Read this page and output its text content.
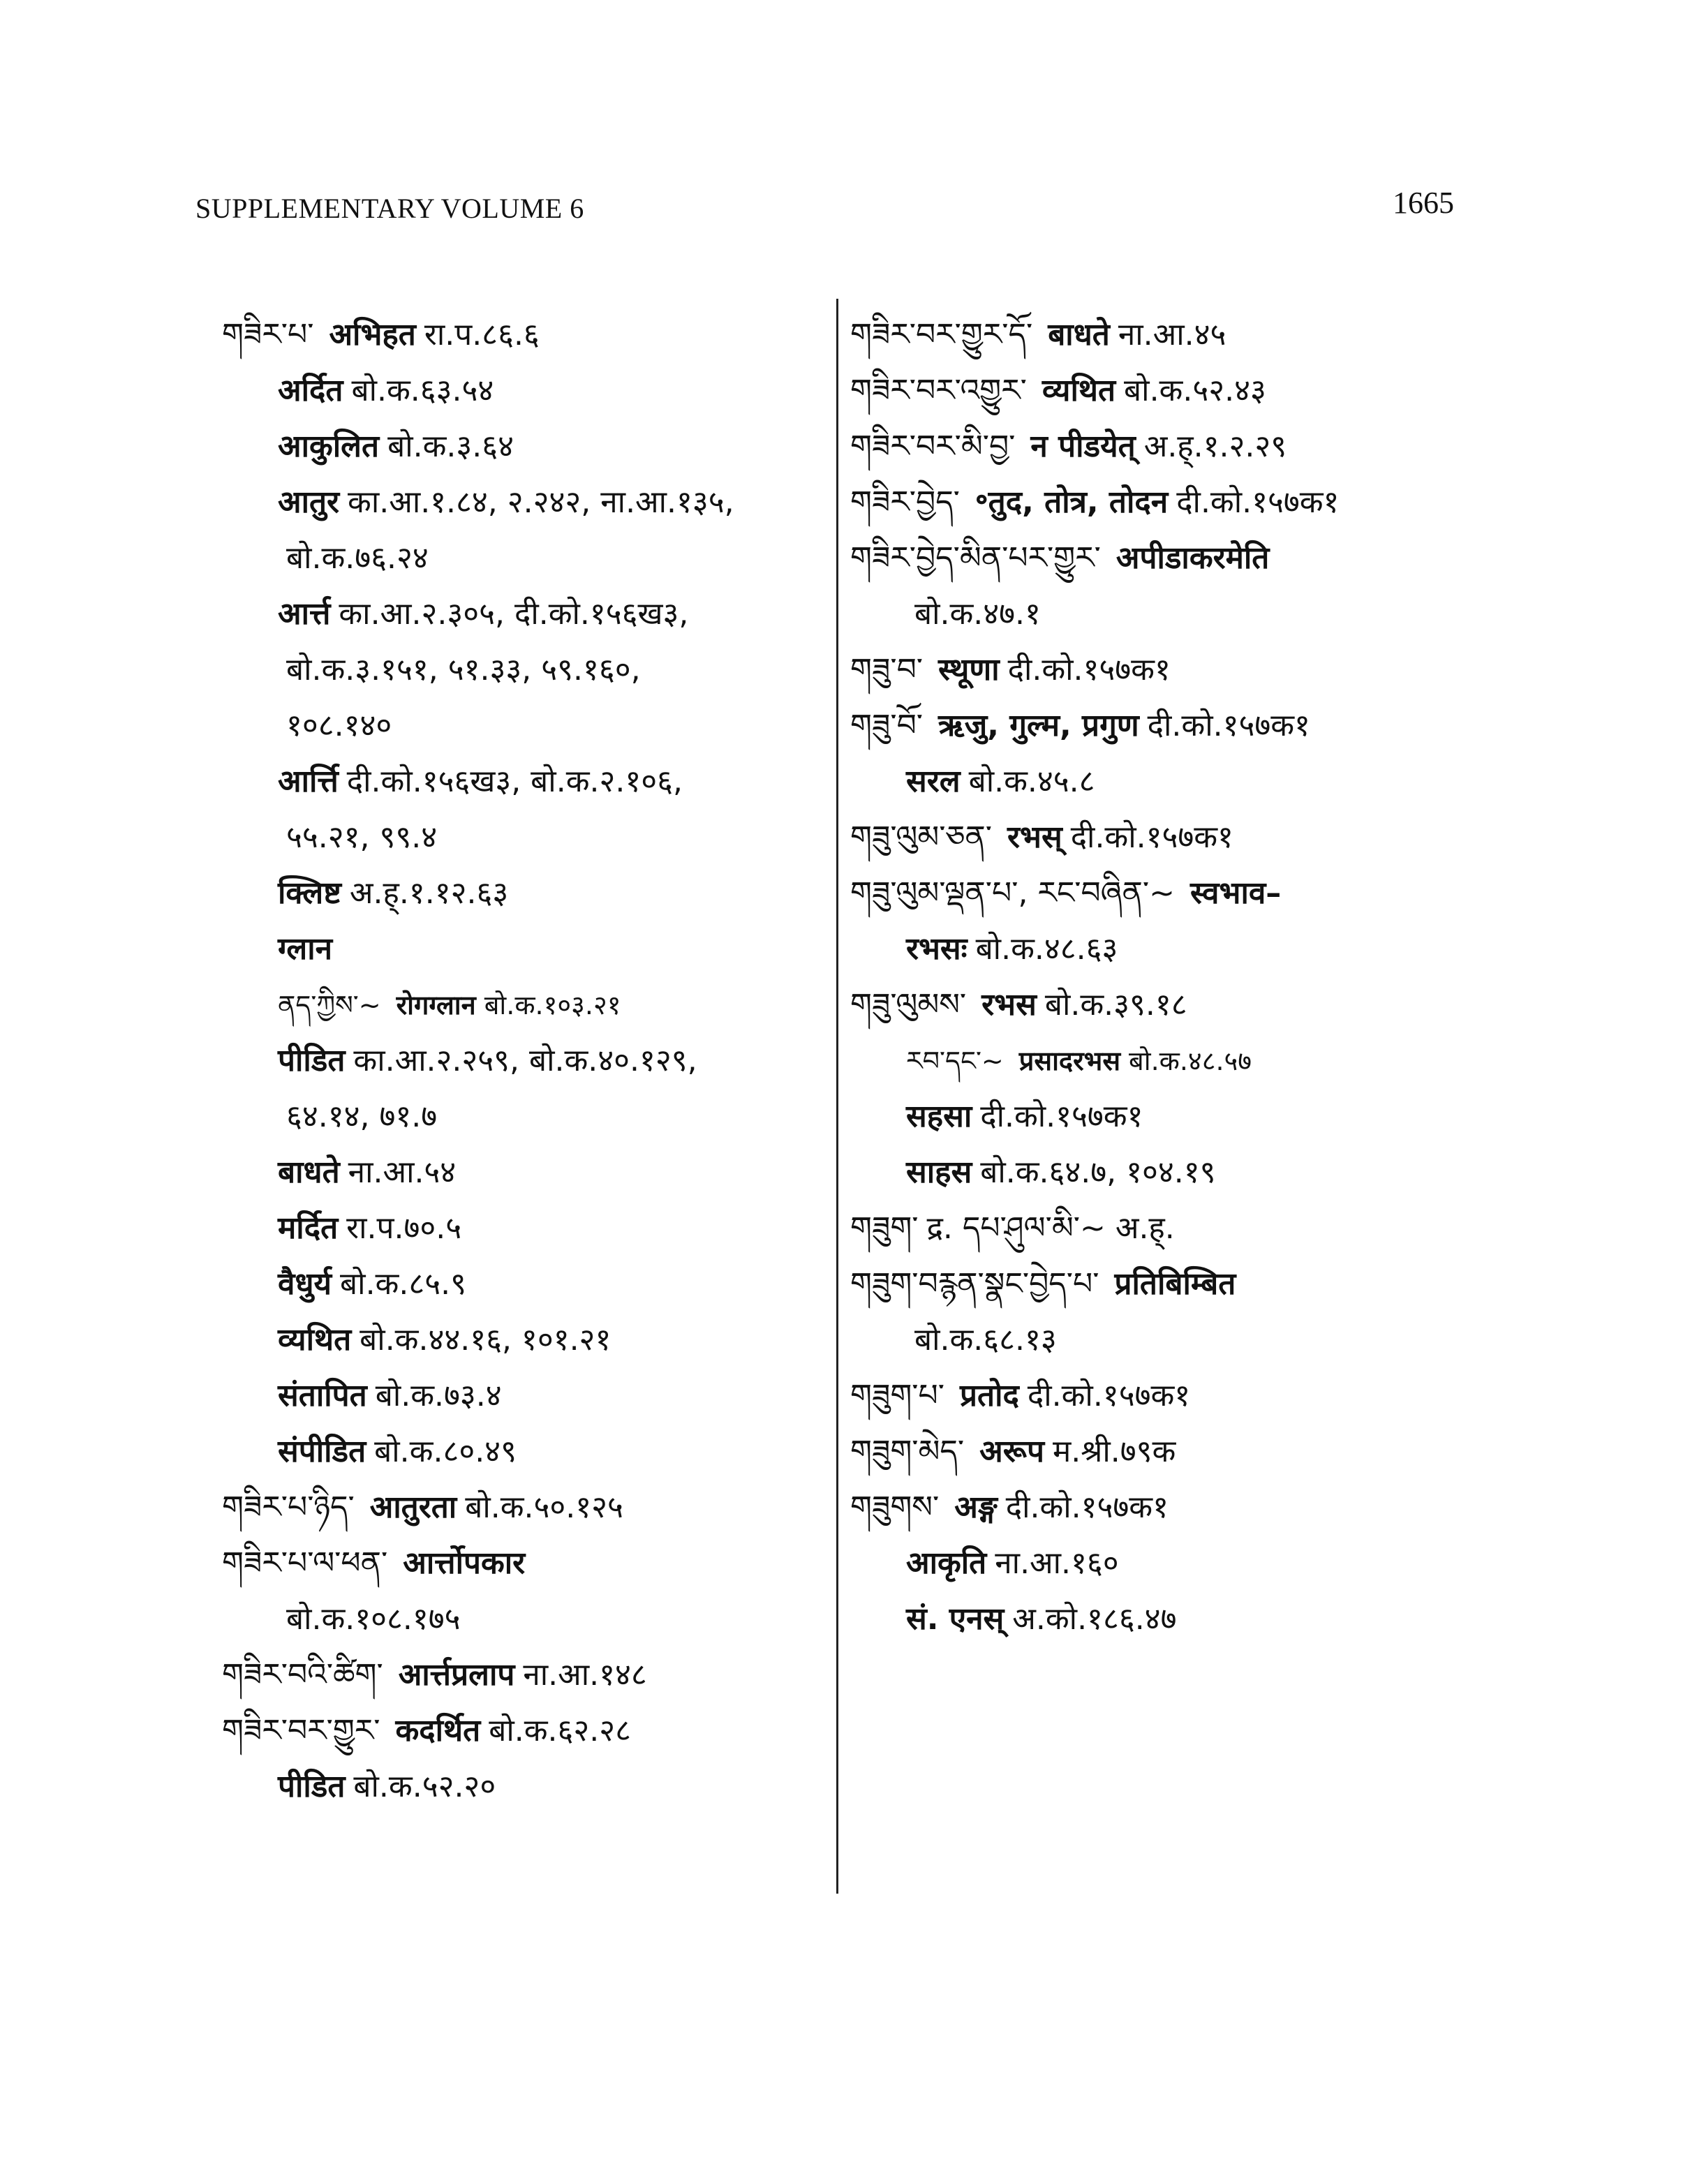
SUPPLEMENTARY VOLUME 6	1665
གཟིར་པ་ अभिहत रा.प.८६.६
अर्दित बो.क.६३.५४
आकुलित बो.क.३.६४
आतुर का.आ.१.८४, २.२४२, ना.आ.१३५,
बो.क.७६.२४
आर्त्त का.आ.२.३०५, दी.को.१५६ख३,
बो.क.३.१५१, ५१.३३, ५९.१६०,
१०८.१४०
आर्त्ति दी.को.१५६ख३, बो.क.२.१०६,
५५.२१, ९९.४
क्लिष्ट अ.ह्.१.१२.६३
ग्लान
ནད་ཀྱིས་~ रोगग्लान बो.क.१०३.२१
पीडित का.आ.२.२५९, बो.क.४०.१२९,
६४.१४, ७१.७
बाधते ना.आ.५४
मर्दित रा.प.७०.५
वैधुर्य बो.क.८५.९
व्यथित बो.क.४४.१६, १०१.२१
संतापित बो.क.७३.४
संपीडित बो.क.८०.४९
གཟིར་པ་ཉིད་ आतुरता बो.क.५०.१२५
གཟིར་པ་ལ་ཕན་ आर्त्तोपकार
बो.क.१०८.१७५
གཟིར་བའི་ཚིག་ आर्त्तप्रलाप ना.आ.१४८
གཟིར་བར་གྱུར་ कदर्थित बो.क.६२.२८
पीडित बो.क.५२.२०
གཟིར་བར་གྱུར་དོ་ बाधते ना.आ.४५
གཟིར་བར་འགྱུར་ व्यथित बो.क.५२.४३
གཟིར་བར་མི་བྱ་ न पीडयेत् अ.ह्.१.२.२९
གཟིར་བྱེད་ ॰तुद, तोत्र, तोदन दी.को.१५७क१
གཟིར་བྱེད་མིན་པར་གྱུར་ अपीडाकरमेति
बो.क.४७.१
གཟུ་བ་ स्थूणा दी.को.१५७क१
གཟུ་བོ་ ऋजु, गुल्म, प्रगुण दी.को.१५७क१
सरल बो.क.४५.८
གཟུ་ལུམ་ཅན་ रभस् दी.को.१५७क१
གཟུ་ལུམ་ལྡན་པ་, རང་བཞིན་~ स्वभाव–
रभसः बो.क.४८.६३
གཟུ་ལུམས་ रभस बो.क.३९.१८
རབ་དང་~ प्रसादरभस बो.क.४८.५७
सहसा दी.को.१५७क१
साहस बो.क.६४.७, १०४.१९
གཟུག་ द्र. དཔ་ཤུལ་མི་~ अ.ह्.
གཟུག་བརྙན་སྣང་བྱེད་པ་ प्रतिबिम्बित
बो.क.६८.१३
གཟུག་པ་ प्रतोद दी.को.१५७क१
གཟུག་མེད་ अरूप म.श्री.७९क
གཟུགས་ अङ्ग दी.को.१५७क१
आकृति ना.आ.१६०
सं. एनस् अ.को.१८६.४७
